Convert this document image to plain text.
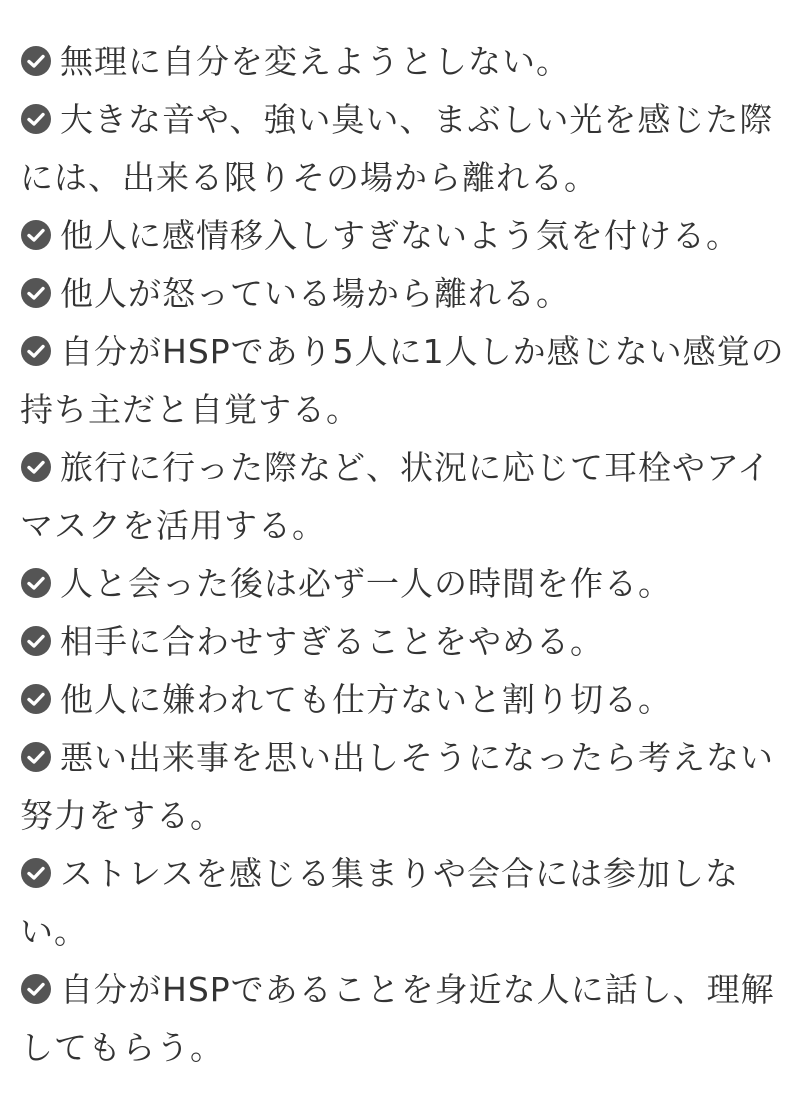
無理に自分を変えようとしない。
大きな音や、強い臭い、まぶしい光を感じた際には、出来る限りその場から離れる。
他人に感情移入しすぎないよう気を付ける。
他人が怒っている場から離れる。
自分がHSPであり5人に1人しか感じない感覚の持ち主だと自覚する。
旅行に行った際など、状況に応じて耳栓やアイマスクを活用する。
人と会った後は必ず一人の時間を作る。
相手に合わせすぎることをやめる。
他人に嫌われても仕方ないと割り切る。
悪い出来事を思い出しそうになったら考えない努力をする。
ストレスを感じる集まりや会合には参加しない。
自分がHSPであることを身近な人に話し、理解してもらう。
